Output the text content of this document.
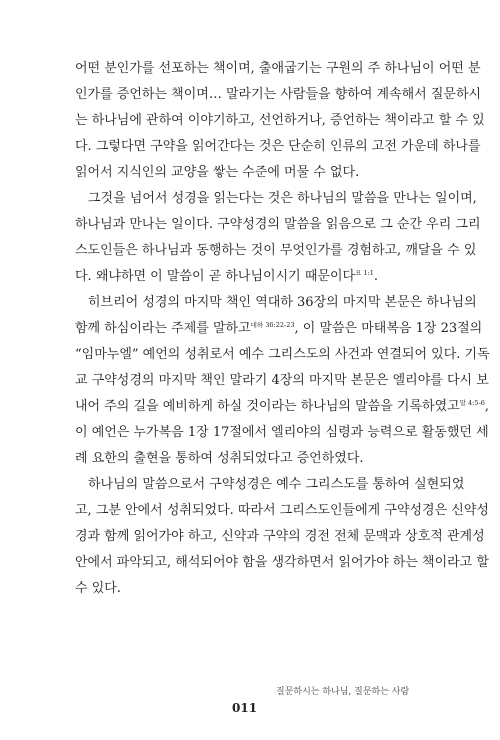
어떤 분인가를 선포하는 책이며, 출애굽기는 구원의 주 하나님이 어떤 분
인가를 증언하는 책이며… 말라기는 사람들을 향하여 계속해서 질문하시
는 하나님에 관하여 이야기하고, 선언하거나, 증언하는 책이라고 할 수 있
다. 그렇다면 구약을 읽어간다는 것은 단순히 인류의 고전 가운데 하나를
읽어서 지식인의 교양을 쌓는 수준에 머물 수 없다.
그것을 넘어서 성경을 읽는다는 것은 하나님의 말씀을 만나는 일이며,
하나님과 만나는 일이다. 구약성경의 말씀을 읽음으로 그 순간 우리 그리
스도인들은 하나님과 동행하는 것이 무엇인가를 경험하고, 깨달을 수 있
다. 왜냐하면 이 말씀이 곧 하나님이시기 때문이다$^{요 1:1}$.
히브리어 성경의 마지막 책인 역대하 36장의 마지막 본문은 하나님의
함께 하심이라는 주제를 말하고$^{대하 36:22-23}$, 이 말씀은 마태복음 1장 23절의
“임마누엘” 예언의 성취로서 예수 그리스도의 사건과 연결되어 있다. 기독
교 구약성경의 마지막 책인 말라기 4장의 마지막 본문은 엘리야를 다시 보
내어 주의 길을 예비하게 하실 것이라는 하나님의 말씀을 기록하였고$^{말 4:5-6}$,
이 예언은 누가복음 1장 17절에서 엘리야의 심령과 능력으로 활동했던 세
례 요한의 출현을 통하여 성취되었다고 증언하였다.
하나님의 말씀으로서 구약성경은 예수 그리스도를 통하여 실현되었
고, 그분 안에서 성취되었다. 따라서 그리스도인들에게 구약성경은 신약성
경과 함께 읽어가야 하고, 신약과 구약의 경전 전체 문맥과 상호적 관계성
안에서 파악되고, 해석되어야 함을 생각하면서 읽어가야 하는 책이라고 할
수 있다.
질문하시는 하나님, 질문하는 사람
011
